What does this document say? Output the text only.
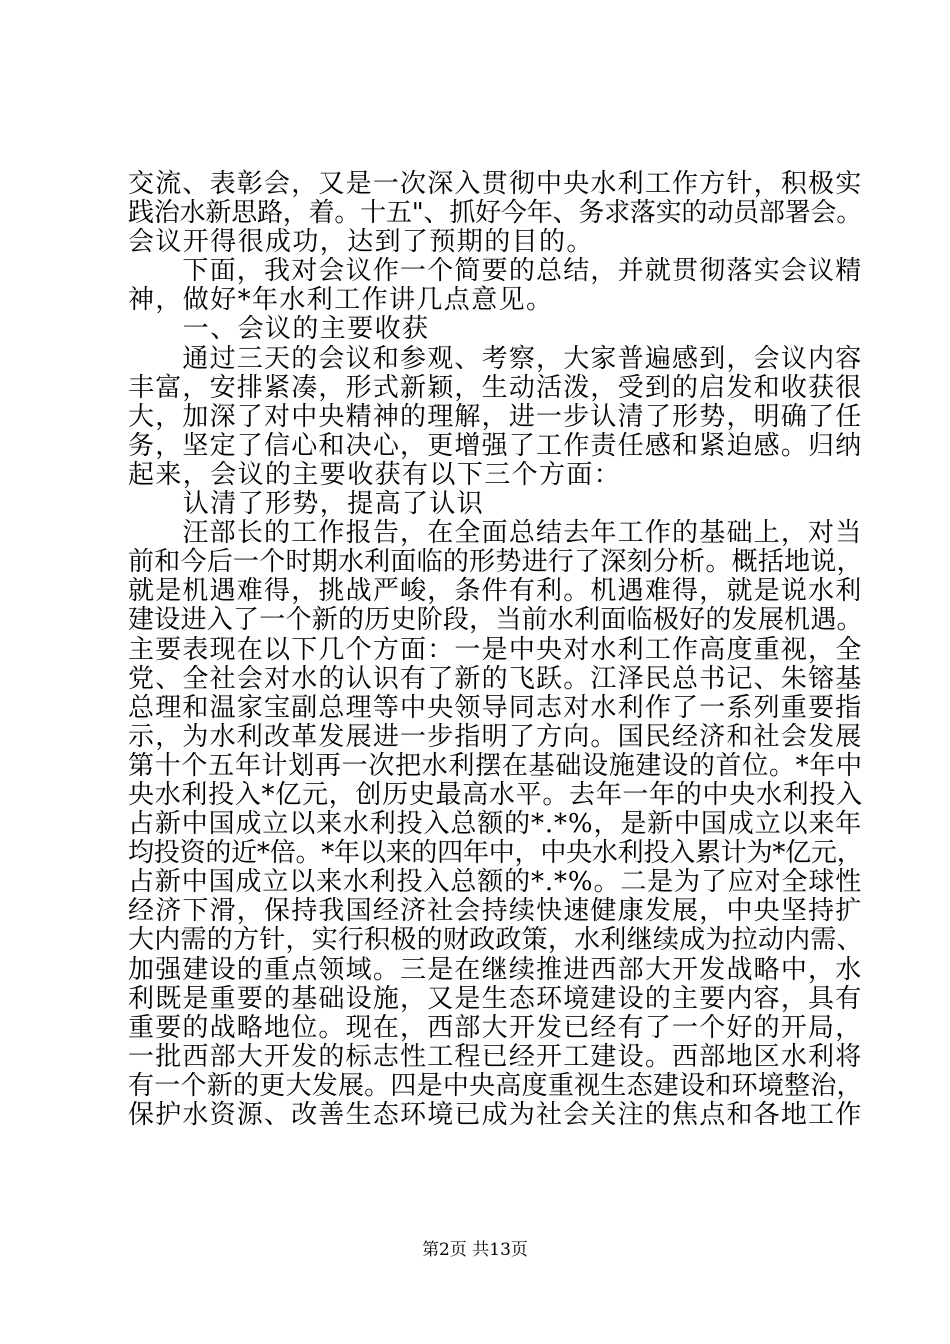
交流、表彰会，又是一次深入贯彻中央水利工作方针，积极实
践治水新思路，着。十五"、抓好今年、务求落实的动员部署会。
会议开得很成功，达到了预期的目的。
　　下面，我对会议作一个简要的总结，并就贯彻落实会议精
神，做好*年水利工作讲几点意见。
　　一、会议的主要收获
　　通过三天的会议和参观、考察，大家普遍感到，会议内容
丰富，安排紧凑，形式新颖，生动活泼，受到的启发和收获很
大，加深了对中央精神的理解，进一步认清了形势，明确了任
务，坚定了信心和决心，更增强了工作责任感和紧迫感。归纳
起来，会议的主要收获有以下三个方面：
　　认清了形势，提高了认识
　　汪部长的工作报告，在全面总结去年工作的基础上，对当
前和今后一个时期水利面临的形势进行了深刻分析。概括地说，
就是机遇难得，挑战严峻，条件有利。机遇难得，就是说水利
建设进入了一个新的历史阶段，当前水利面临极好的发展机遇。
主要表现在以下几个方面：一是中央对水利工作高度重视，全
党、全社会对水的认识有了新的飞跃。江泽民总书记、朱镕基
总理和温家宝副总理等中央领导同志对水利作了一系列重要指
示，为水利改革发展进一步指明了方向。国民经济和社会发展
第十个五年计划再一次把水利摆在基础设施建设的首位。*年中
央水利投入*亿元，创历史最高水平。去年一年的中央水利投入
占新中国成立以来水利投入总额的*.*%，是新中国成立以来年
均投资的近*倍。*年以来的四年中，中央水利投入累计为*亿元，
占新中国成立以来水利投入总额的*.*%。二是为了应对全球性
经济下滑，保持我国经济社会持续快速健康发展，中央坚持扩
大内需的方针，实行积极的财政政策，水利继续成为拉动内需、
加强建设的重点领域。三是在继续推进西部大开发战略中，水
利既是重要的基础设施，又是生态环境建设的主要内容，具有
重要的战略地位。现在，西部大开发已经有了一个好的开局，
一批西部大开发的标志性工程已经开工建设。西部地区水利将
有一个新的更大发展。四是中央高度重视生态建设和环境整治，
保护水资源、改善生态环境已成为社会关注的焦点和各地工作
第2页 共13页
